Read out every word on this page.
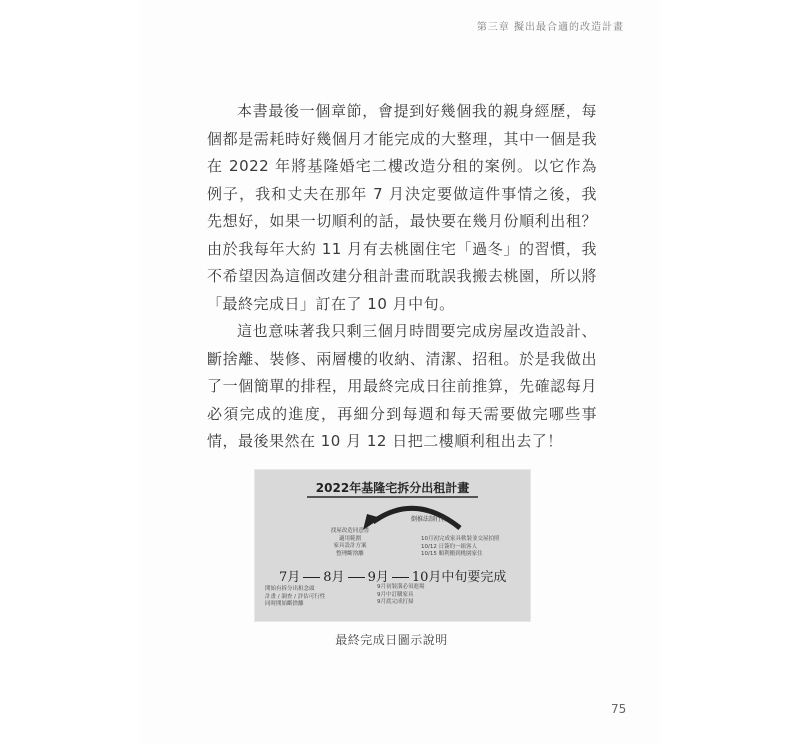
第三章 擬出最合適的改造計畫

本書最後一個章節，會提到好幾個我的親身經歷，每個都是需耗時好幾個月才能完成的大整理，其中一個是我在 2022 年將基隆婚宅二樓改造分租的案例。以它作為例子，我和丈夫在那年 7 月決定要做這件事情之後，我先想好，如果一切順利的話，最快要在幾月份順利出租？由於我每年大約 11 月有去桃園住宅「過冬」的習慣，我不希望因為這個改建分租計畫而耽誤我搬去桃園，所以將「最終完成日」訂在了 10 月中旬。

這也意味著我只剩三個月時間要完成房屋改造設計、斷捨離、裝修、兩層樓的收納、清潔、招租。於是我做出了一個簡單的排程，用最終完成日往前推算，先確認每月必須完成的進度，再細分到每週和每天需要做完哪些事情，最後果然在 10 月 12 日把二樓順利租出去了！

2022年基隆宅拆分出租計畫
倒推法制行程
找屋改造同意書
適用範圍
家具設計方案
整理斷捨離
10月初完成家具軟裝並交屋拍照
10/12 日簽約一組客人
10/15 順利搬到桃園家住
7月 8月 9月 10月中旬要完成
開始有拆分出租念頭
計畫 / 調查 / 評估可行性
同時開始斷捨離
9月初裝潢必須進場
9月中訂購家具
9月底完成打掃
最終完成日圖示說明
75
